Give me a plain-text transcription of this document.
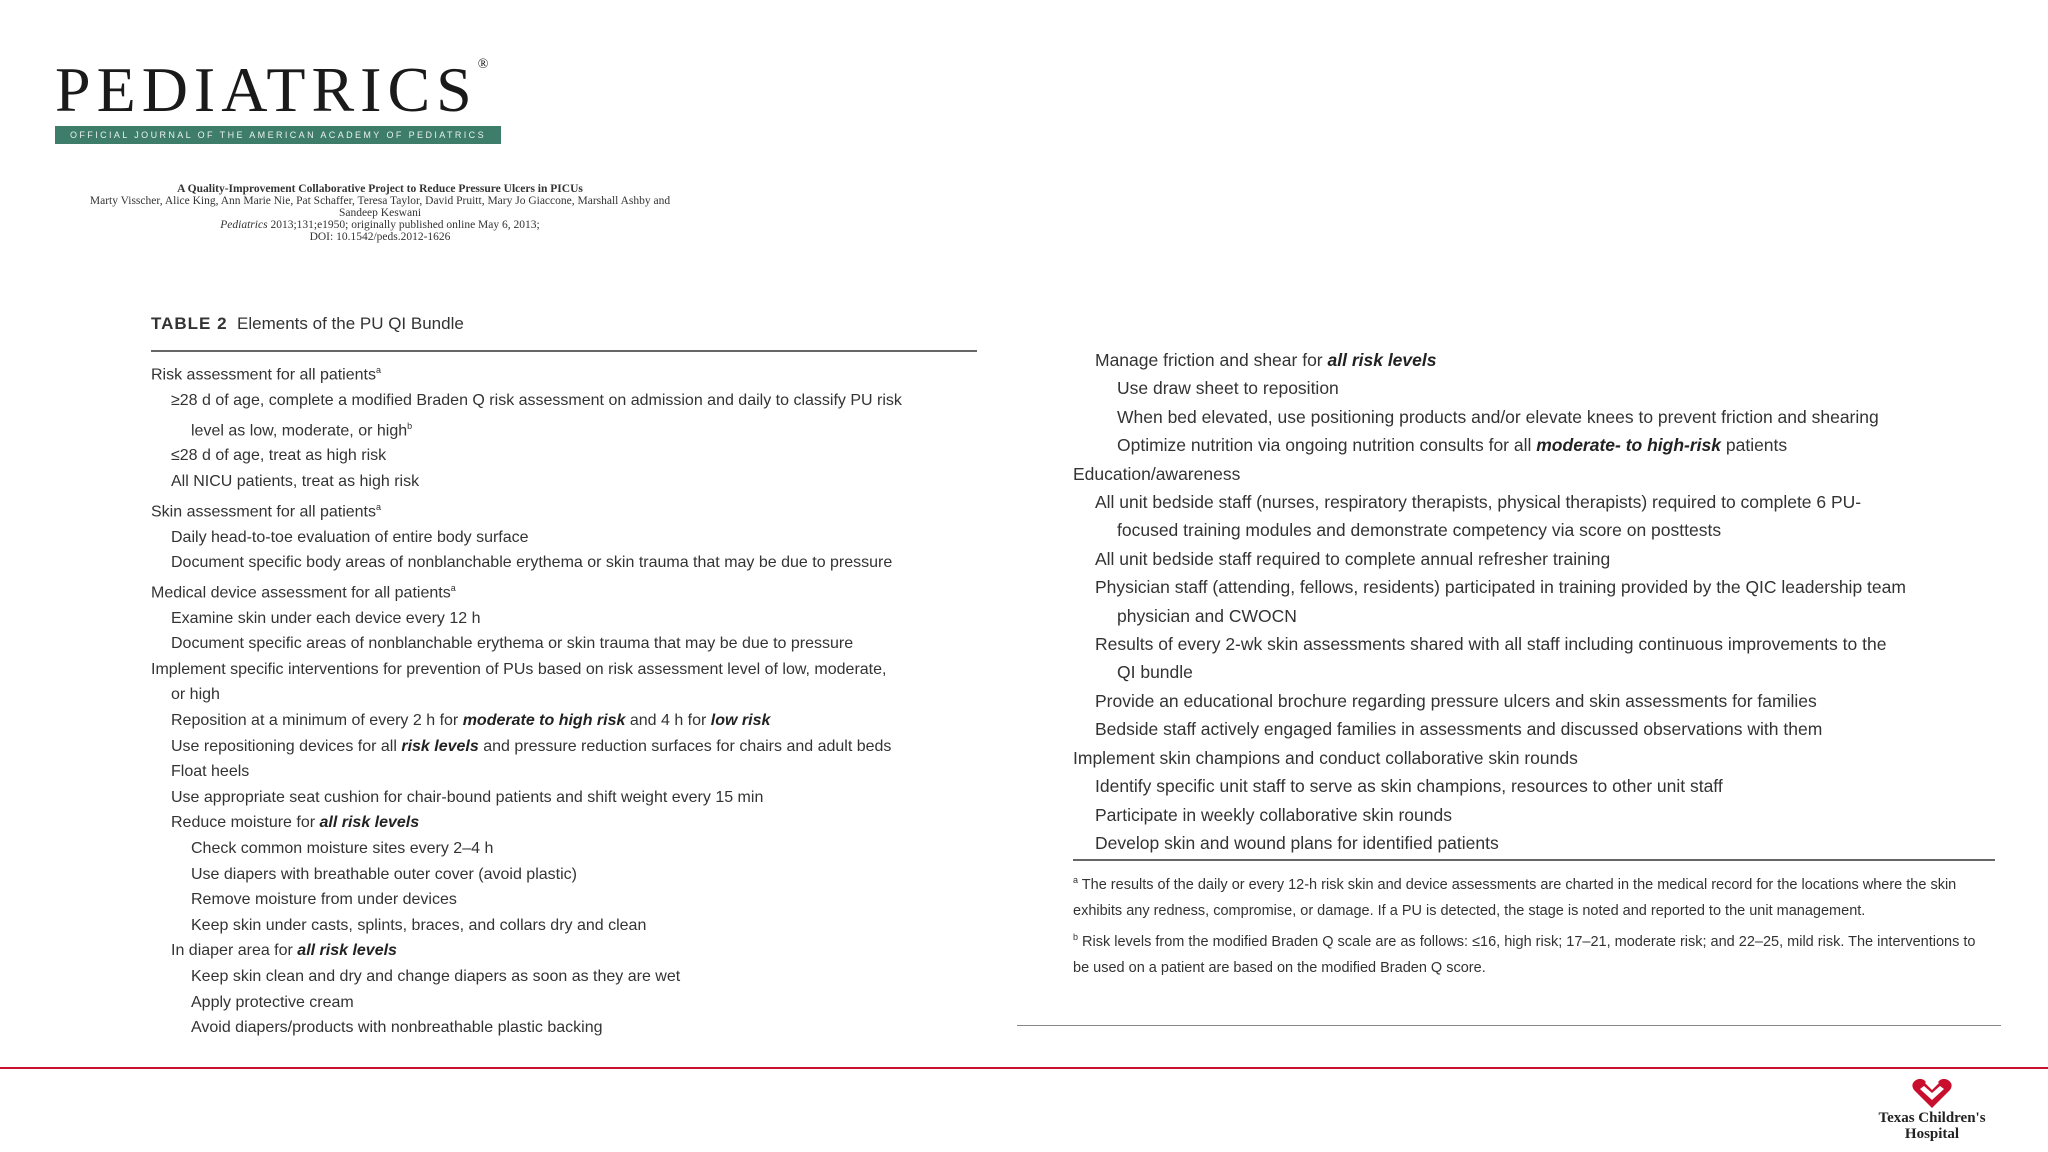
PEDIATRICS®
OFFICIAL JOURNAL OF THE AMERICAN ACADEMY OF PEDIATRICS
A Quality-Improvement Collaborative Project to Reduce Pressure Ulcers in PICUs
Marty Visscher, Alice King, Ann Marie Nie, Pat Schaffer, Teresa Taylor, David Pruitt, Mary Jo Giaccone, Marshall Ashby and Sandeep Keswani
Pediatrics 2013;131;e1950; originally published online May 6, 2013;
DOI: 10.1542/peds.2012-1626
TABLE 2 Elements of the PU QI Bundle
Risk assessment for all patients$^a$
≥28 d of age, complete a modified Braden Q risk assessment on admission and daily to classify PU risk
level as low, moderate, or high$^b$
≤28 d of age, treat as high risk
All NICU patients, treat as high risk
Skin assessment for all patients$^a$
Daily head-to-toe evaluation of entire body surface
Document specific body areas of nonblanchable erythema or skin trauma that may be due to pressure
Medical device assessment for all patients$^a$
Examine skin under each device every 12 h
Document specific areas of nonblanchable erythema or skin trauma that may be due to pressure
Implement specific interventions for prevention of PUs based on risk assessment level of low, moderate,
or high
Reposition at a minimum of every 2 h for moderate to high risk and 4 h for low risk
Use repositioning devices for all risk levels and pressure reduction surfaces for chairs and adult beds
Float heels
Use appropriate seat cushion for chair-bound patients and shift weight every 15 min
Reduce moisture for all risk levels
Check common moisture sites every 2–4 h
Use diapers with breathable outer cover (avoid plastic)
Remove moisture from under devices
Keep skin under casts, splints, braces, and collars dry and clean
In diaper area for all risk levels
Keep skin clean and dry and change diapers as soon as they are wet
Apply protective cream
Avoid diapers/products with nonbreathable plastic backing
Manage friction and shear for all risk levels
Use draw sheet to reposition
When bed elevated, use positioning products and/or elevate knees to prevent friction and shearing
Optimize nutrition via ongoing nutrition consults for all moderate- to high-risk patients
Education/awareness
All unit bedside staff (nurses, respiratory therapists, physical therapists) required to complete 6 PU-
focused training modules and demonstrate competency via score on posttests
All unit bedside staff required to complete annual refresher training
Physician staff (attending, fellows, residents) participated in training provided by the QIC leadership team
physician and CWOCN
Results of every 2-wk skin assessments shared with all staff including continuous improvements to the
QI bundle
Provide an educational brochure regarding pressure ulcers and skin assessments for families
Bedside staff actively engaged families in assessments and discussed observations with them
Implement skin champions and conduct collaborative skin rounds
Identify specific unit staff to serve as skin champions, resources to other unit staff
Participate in weekly collaborative skin rounds
Develop skin and wound plans for identified patients
$^a$ The results of the daily or every 12-h risk skin and device assessments are charted in the medical record for the locations where the skin exhibits any redness, compromise, or damage. If a PU is detected, the stage is noted and reported to the unit management.
$^b$ Risk levels from the modified Braden Q scale are as follows: ≤16, high risk; 17–21, moderate risk; and 22–25, mild risk. The interventions to be used on a patient are based on the modified Braden Q score.
Texas Children's
Hospital
